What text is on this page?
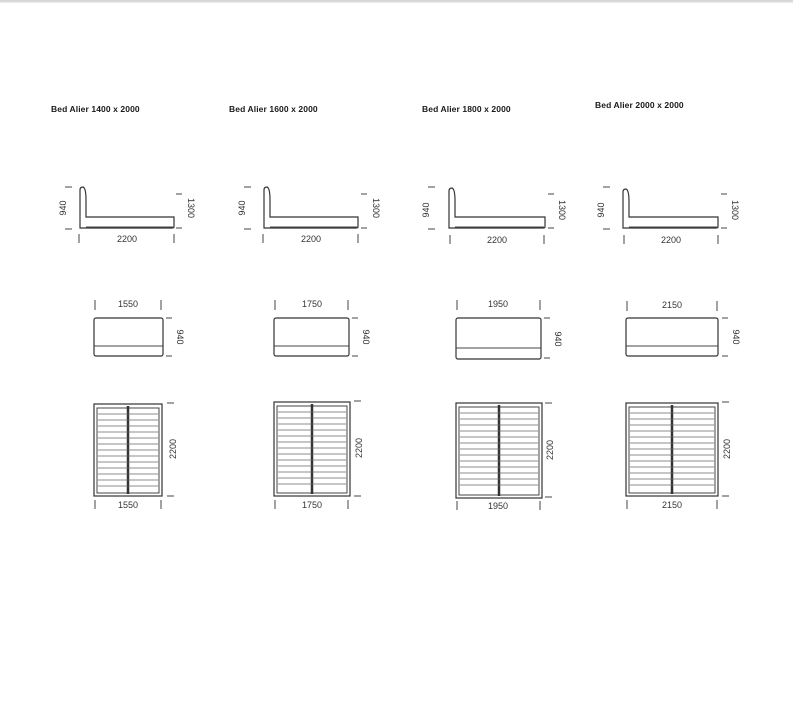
Bed Alier 1400 x 2000	Bed Alier 1600 x 2000	Bed Alier 1800 x 2000	Bed Alier 2000 x 2000
940	1300
2200
1550
940
2200
1550
940	1300
2200
1750
940
2200
1750
940	1300
2200
1950
940
2200
1950
940	1300
2200
2150
940
2200
2150
